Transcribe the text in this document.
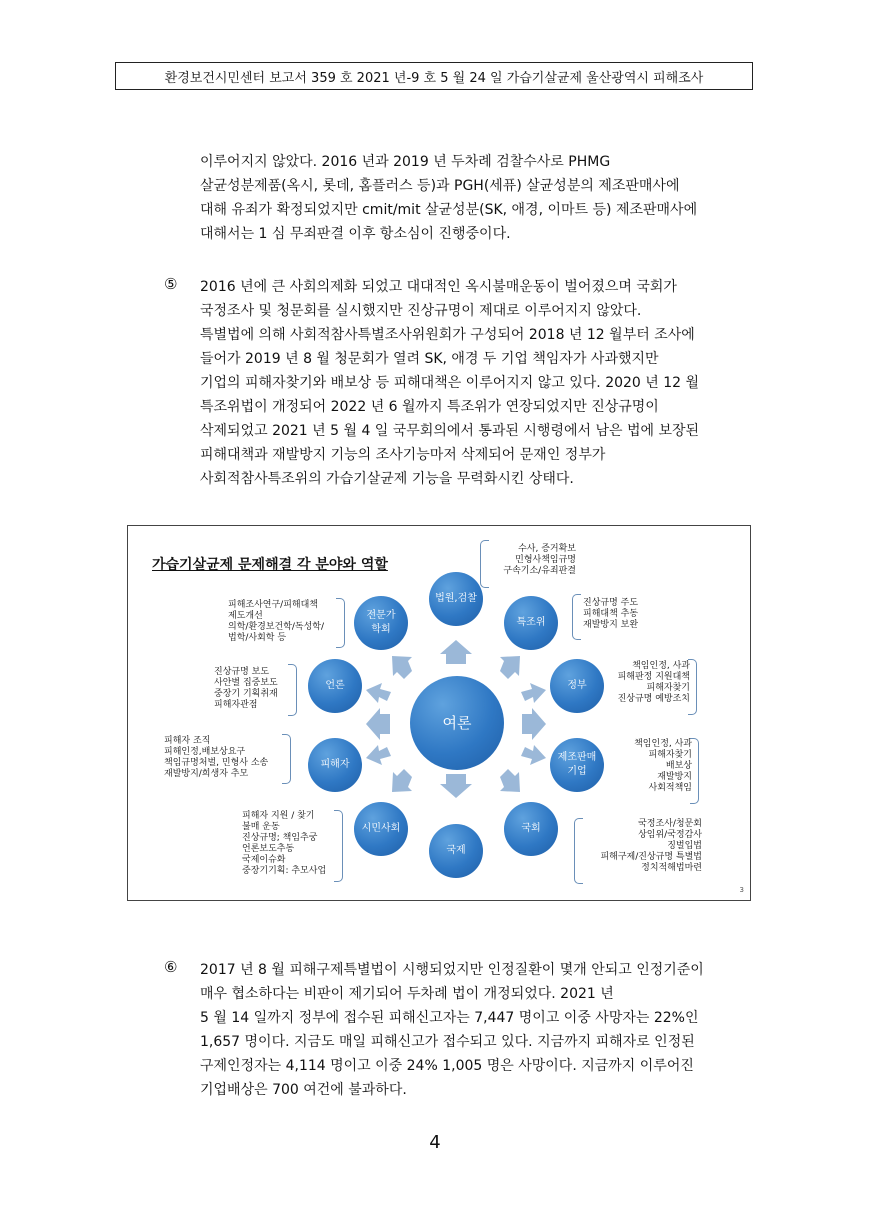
환경보건시민센터 보고서 359 호 2021 년-9 호 5 월 24 일 가습기살균제 울산광역시 피해조사
이루어지지 않았다. 2016 년과 2019 년 두차례 검찰수사로 PHMG
살균성분제품(옥시, 롯데, 홈플러스 등)과 PGH(세퓨) 살균성분의 제조판매사에
대해 유죄가 확정되었지만 cmit/mit 살균성분(SK, 애경, 이마트 등) 제조판매사에
대해서는 1 심 무죄판결 이후 항소심이 진행중이다.
⑤ 2016 년에 큰 사회의제화 되었고 대대적인 옥시불매운동이 벌어졌으며 국회가
국정조사 및 청문회를 실시했지만 진상규명이 제대로 이루어지지 않았다.
특별법에 의해 사회적참사특별조사위원회가 구성되어 2018 년 12 월부터 조사에
들어가 2019 년 8 월 청문회가 열려 SK, 애경 두 기업 책임자가 사과했지만
기업의 피해자찾기와 배보상 등 피해대책은 이루어지지 않고 있다. 2020 년 12 월
특조위법이 개정되어 2022 년 6 월까지 특조위가 연장되었지만 진상규명이
삭제되었고 2021 년 5 월 4 일 국무회의에서 통과된 시행령에서 남은 법에 보장된
피해대책과 재발방지 기능의 조사기능마저 삭제되어 문재인 정부가
사회적참사특조위의 가습기살균제 기능을 무력화시킨 상태다.
가습기살균제 문제해결 각 분야와 역할
여론
법원,검찰
특조위
정부
제조판매
기업
국회
국제
시민사회
피해자
언론
전문가
학회
수사, 증거확보
민형사책임규명
구속기소/유죄판결
진상규명 주도
피해대책 추동
재발방지 보완
책임인정, 사과
피해판정 지원대책
피해자찾기
진상규명 예방조치
책임인정, 사과
피해자찾기
배보상
재발방지
사회적책임
국정조사/청문회
상임위/국정감사
징벌입법
피해구제/진상규명 특별법
정치적해법마련
피해자 지원 / 찾기
불매 운동
진상규명; 책임추궁
언론보도추동
국제이슈화
중장기기획: 추모사업
피해자 조직
피해인정,배보상요구
책임규명처벌, 민형사 소송
재발방지/희생자 추모
진상규명 보도
사안별 집중보도
중장기 기획취재
피해자관점
피해조사연구/피해대책
제도개선
의학/환경보건학/독성학/
법학/사회학 등
3
⑥ 2017 년 8 월 피해구제특별법이 시행되었지만 인정질환이 몇개 안되고 인정기준이
매우 협소하다는 비판이 제기되어 두차례 법이 개정되었다. 2021 년
5 월 14 일까지 정부에 접수된 피해신고자는 7,447 명이고 이중 사망자는 22%인
1,657 명이다. 지금도 매일 피해신고가 접수되고 있다. 지금까지 피해자로 인정된
구제인정자는 4,114 명이고 이중 24% 1,005 명은 사망이다. 지금까지 이루어진
기업배상은 700 여건에 불과하다.
4
